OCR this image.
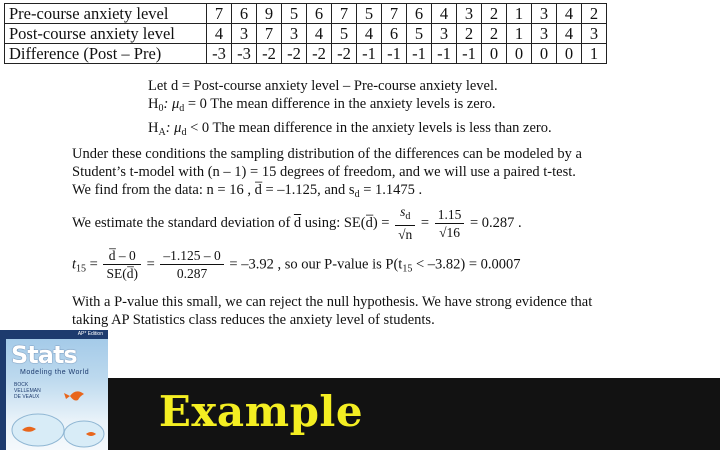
Pre-course anxiety level	7	6	9	5	6	7	5	7	6	4	3	2	1	3	4	2
Post-course anxiety level	4	3	7	3	4	5	4	6	5	3	2	2	1	3	4	3
Difference (Post – Pre)	-3	-3	-2	-2	-2	-2	-1	-1	-1	-1	-1	0	0	0	0	1
Let d = Post-course anxiety level – Pre-course anxiety level.
$H_0$: $\mu_d = 0$ The mean difference in the anxiety levels is zero.
$H_A$: $\mu_d < 0$ The mean difference in the anxiety levels is less than zero.
Under these conditions the sampling distribution of the differences can be modeled by a
Student’s t-model with (n – 1) = 15 degrees of freedom, and we will use a paired t-test.
We find from the data: n = 16 , d̅ = –1.125, and $s_d = 1.1475$ .
We estimate the standard deviation of $\overline{d}$ using: SE(d̅) = $\frac{s_d}{√n} = \frac{1.15}{√16} = 0.287$ .
$t_{15} = \frac{d̅ - 0}{SE(d̅)} = \frac{-1.125 - 0}{0.287} = -3.92$ , so our P-value is $P(t_{15} < -3.82) = 0.0007$
With a P-value this small, we can reject the null hypothesis. We have strong evidence that
taking AP Statistics class reduces the anxiety level of students.
AP* Edition
Stats
Modeling the World
BOCK
VELLEMAN
DE VEAUX	Example
